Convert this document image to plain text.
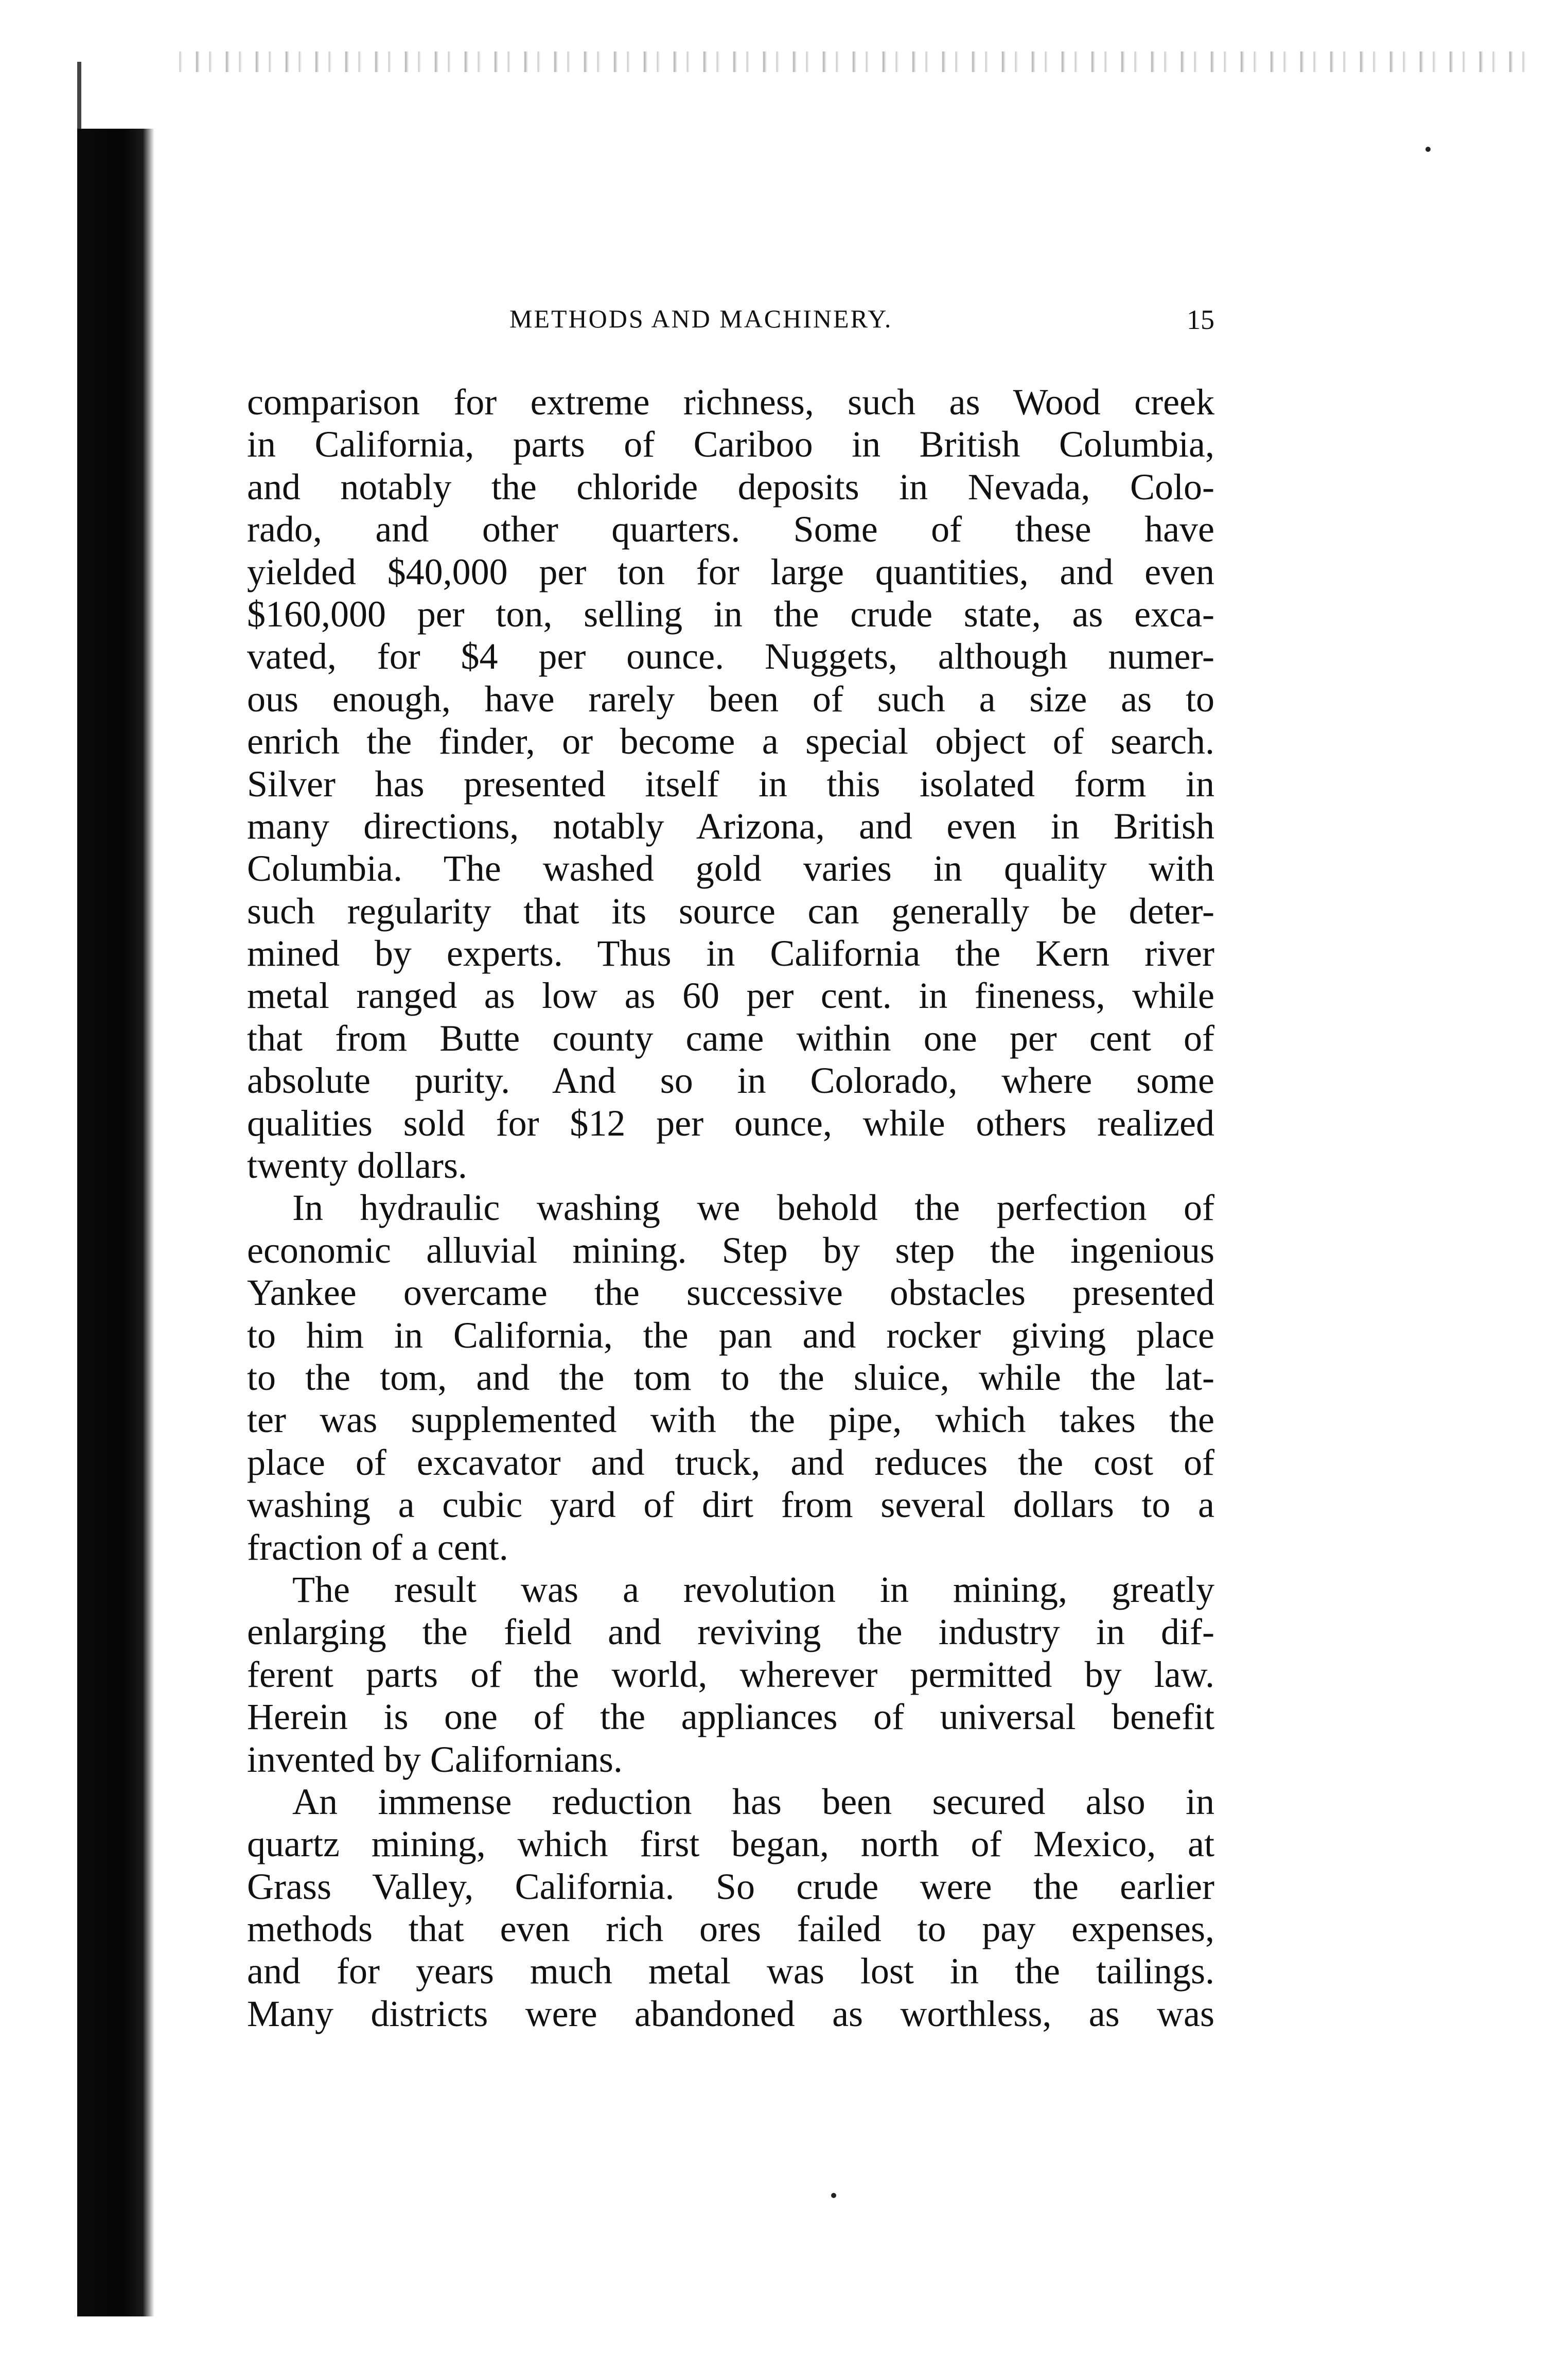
METHODS AND MACHINERY.	15
comparison for extreme richness, such as Wood creek
in California, parts of Cariboo in British Columbia,
and notably the chloride deposits in Nevada, Colo-
rado, and other quarters. Some of these have
yielded $40,000 per ton for large quantities, and even
$160,000 per ton, selling in the crude state, as exca-
vated, for $4 per ounce. Nuggets, although numer-
ous enough, have rarely been of such a size as to
enrich the finder, or become a special object of search.
Silver has presented itself in this isolated form in
many directions, notably Arizona, and even in British
Columbia. The washed gold varies in quality with
such regularity that its source can generally be deter-
mined by experts. Thus in California the Kern river
metal ranged as low as 60 per cent. in fineness, while
that from Butte county came within one per cent of
absolute purity. And so in Colorado, where some
qualities sold for $12 per ounce, while others realized
twenty dollars.
In hydraulic washing we behold the perfection of
economic alluvial mining. Step by step the ingenious
Yankee overcame the successive obstacles presented
to him in California, the pan and rocker giving place
to the tom, and the tom to the sluice, while the lat-
ter was supplemented with the pipe, which takes the
place of excavator and truck, and reduces the cost of
washing a cubic yard of dirt from several dollars to a
fraction of a cent.
The result was a revolution in mining, greatly
enlarging the field and reviving the industry in dif-
ferent parts of the world, wherever permitted by law.
Herein is one of the appliances of universal benefit
invented by Californians.
An immense reduction has been secured also in
quartz mining, which first began, north of Mexico, at
Grass Valley, California. So crude were the earlier
methods that even rich ores failed to pay expenses,
and for years much metal was lost in the tailings.
Many districts were abandoned as worthless, as was
